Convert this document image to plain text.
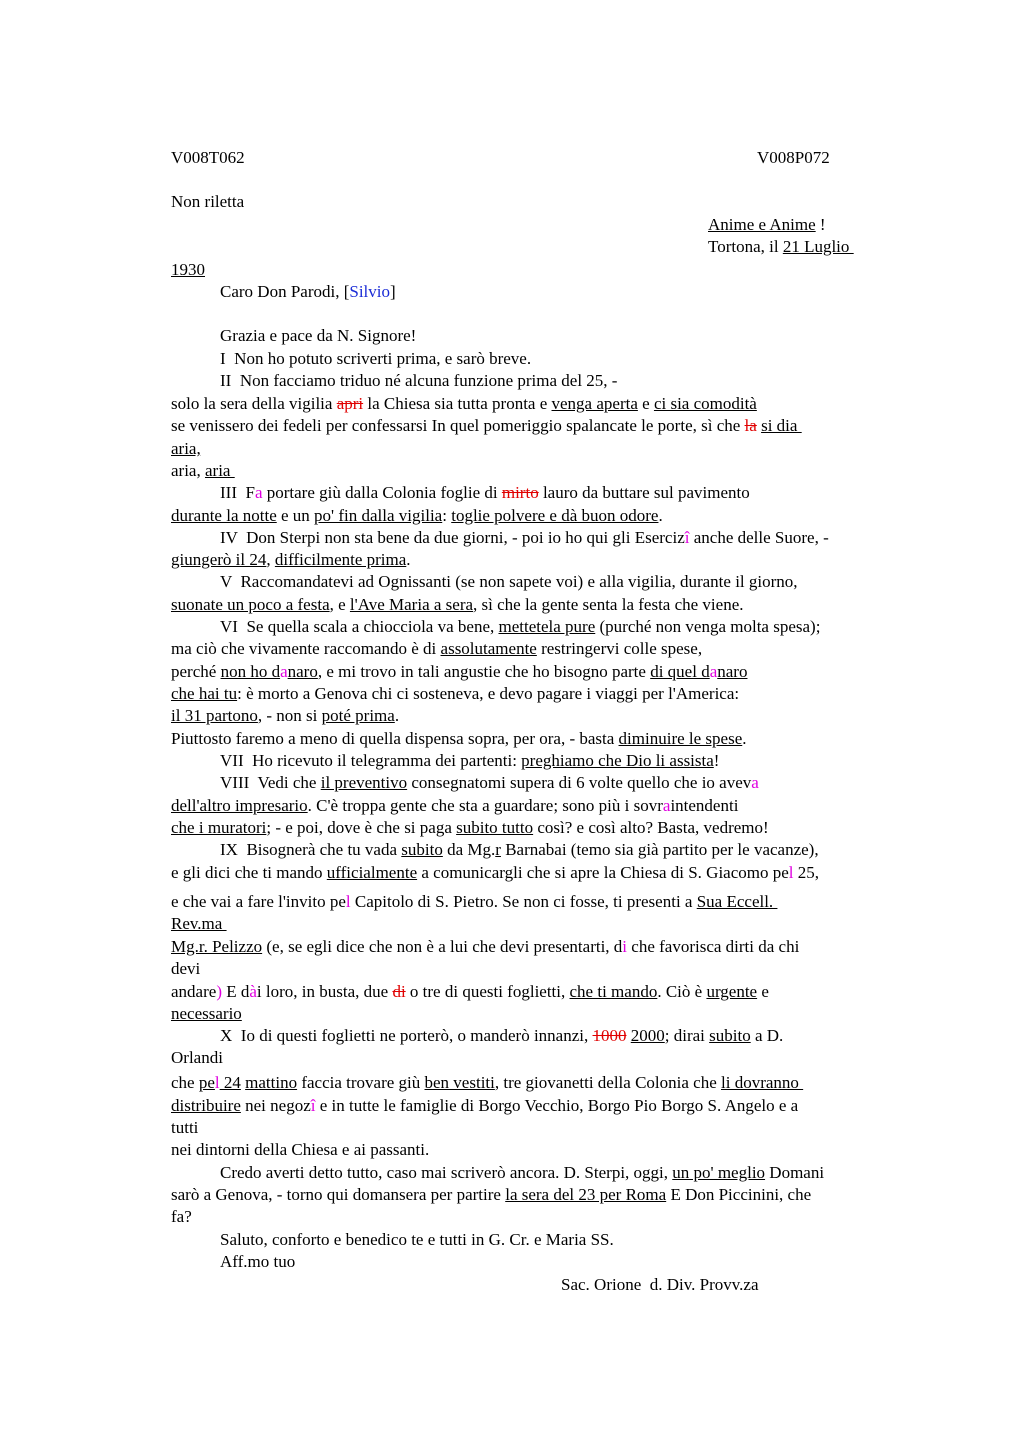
V008T062	V008P072
Non riletta
Anime e Anime !
Tortona, il 21 Luglio
1930
Caro Don Parodi, [Silvio]
Grazia e pace da N. Signore!
I  Non ho potuto scriverti prima, e sarò breve.
II  Non facciamo triduo né alcuna funzione prima del 25, -
solo la sera della vigilia apri la Chiesa sia tutta pronta e venga aperta e ci sia comodità
se venissero dei fedeli per confessarsi In quel pomeriggio spalancate le porte, sì che la si dia
aria,
aria, aria
III  Fa portare giù dalla Colonia foglie di mirto lauro da buttare sul pavimento
durante la notte e un po' fin dalla vigilia: toglie polvere e dà buon odore.
IV  Don Sterpi non sta bene da due giorni, - poi io ho qui gli Esercizî anche delle Suore, -
giungerò il 24, difficilmente prima.
V  Raccomandatevi ad Ognissanti (se non sapete voi) e alla vigilia, durante il giorno,
suonate un poco a festa, e l'Ave Maria a sera, sì che la gente senta la festa che viene.
VI  Se quella scala a chiocciola va bene, mettetela pure (purché non venga molta spesa);
ma ciò che vivamente raccomando è di assolutamente restringervi colle spese,
perché non ho danaro, e mi trovo in tali angustie che ho bisogno parte di quel danaro
che hai tu: è morto a Genova chi ci sosteneva, e devo pagare i viaggi per l'America:
il 31 partono, - non si poté prima.
Piuttosto faremo a meno di quella dispensa sopra, per ora, - basta diminuire le spese.
VII  Ho ricevuto il telegramma dei partenti: preghiamo che Dio li assista!
VIII  Vedi che il preventivo consegnatomi supera di 6 volte quello che io aveva
dell'altro impresario. C'è troppa gente che sta a guardare; sono più i sovraintendenti
che i muratori; - e poi, dove è che si paga subito tutto così? e così alto? Basta, vedremo!
IX  Bisognerà che tu vada subito da Mg.r Barnabai (temo sia già partito per le vacanze),
e gli dici che ti mando ufficialmente a comunicargli che si apre la Chiesa di S. Giacomo pel 25,
e che vai a fare l'invito pel Capitolo di S. Pietro. Se non ci fosse, ti presenti a Sua Eccell.
Rev.ma
Mg.r. Pelizzo (e, se egli dice che non è a lui che devi presentarti, di che favorisca dirti da chi
devi
andare) E dài loro, in busta, due di o tre di questi foglietti, che ti mando. Ciò è urgente e
necessario
X  Io di questi foglietti ne porterò, o manderò innanzi, 1000 2000; dirai subito a D.
Orlandi
che pel 24 mattino faccia trovare giù ben vestiti, tre giovanetti della Colonia che li dovranno
distribuire nei negozî e in tutte le famiglie di Borgo Vecchio, Borgo Pio Borgo S. Angelo e a
tutti
nei dintorni della Chiesa e ai passanti.
Credo averti detto tutto, caso mai scriverò ancora. D. Sterpi, oggi, un po' meglio Domani
sarò a Genova, - torno qui domansera per partire la sera del 23 per Roma E Don Piccinini, che
fa?
Saluto, conforto e benedico te e tutti in G. Cr. e Maria SS.
Aff.mo tuo
Sac. Orione  d. Div. Provv.za
